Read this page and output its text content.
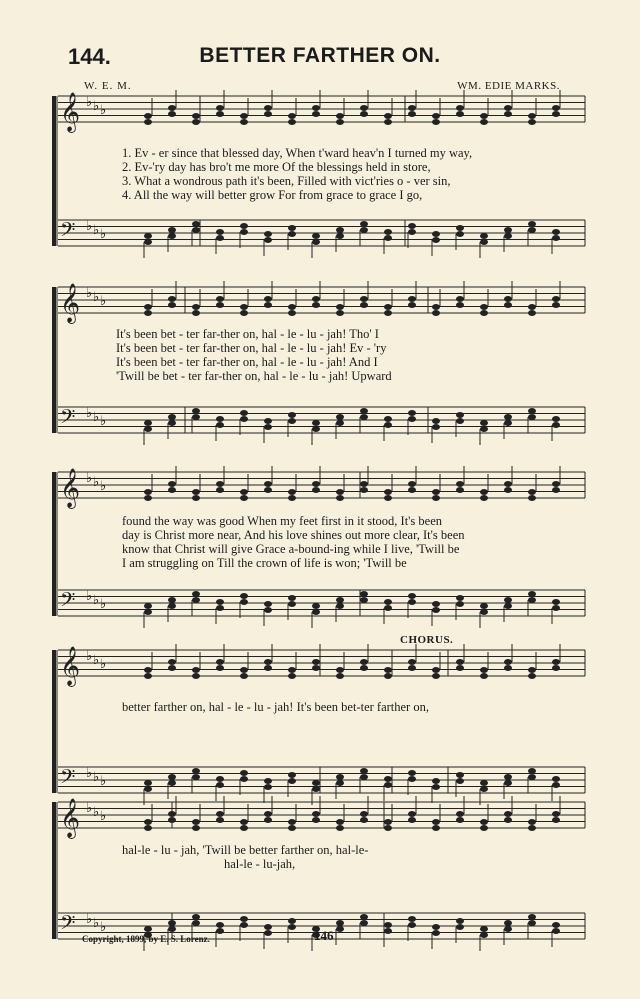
144.	BETTER FARTHER ON.
W. E. M.	WM. EDIE MARKS.
𝄞 ♭ ♭ ♭
𝄢 ♭ ♭ ♭
𝄞 ♭ ♭ ♭
𝄢 ♭ ♭ ♭
𝄞 ♭ ♭ ♭
𝄢 ♭ ♭ ♭
𝄞 ♭ ♭ ♭
𝄢 ♭ ♭ ♭
𝄞 ♭ ♭ ♭
𝄢 ♭ ♭ ♭
1. Ev - er since that blessed day, When t'ward heav'n I turned my way,
2. Ev-'ry day has bro't me more Of the blessings held in store,
3. What a wondrous path it's been, Filled with vict'ries o - ver sin,
4. All the way will better grow For from grace to grace I go,
It's been bet - ter far-ther on, hal - le - lu - jah! Tho' I
It's been bet - ter far-ther on, hal - le - lu - jah! Ev - 'ry
It's been bet - ter far-ther on, hal - le - lu - jah! And I
'Twill be bet - ter far-ther on, hal - le - lu - jah! Upward
found the way was good When my feet first in it stood, It's been
day is Christ more near, And his love shines out more clear, It's been
know that Christ will give Grace a-bound-ing while I live, 'Twill be
I am struggling on Till the crown of life is won; 'Twill be
CHORUS.
better farther on, hal - le - lu - jah! It's been bet-ter farther on,
hal-le - lu - jah, 'Twill be better farther on, hal-le-
hal-le - lu-jah,
Copyright, 1899, by E. S. Lorenz.	146
